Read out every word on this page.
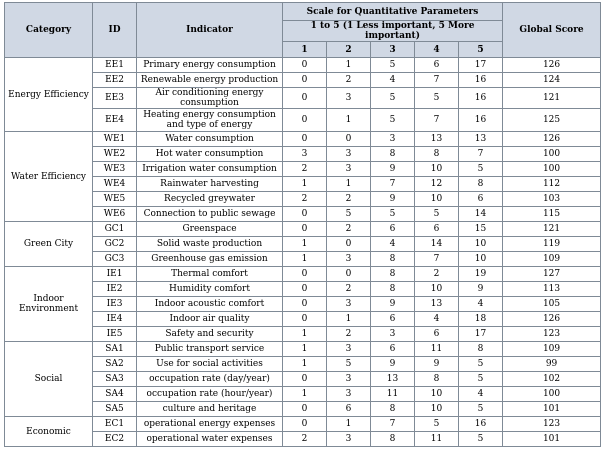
Category	ID	Indicator	Scale for Quantitative Parameters					Global Score
			1 to 5 (1 Less important, 5 More important)					
			1	2	3	4	5	
Energy Efficiency	EE1	Primary energy consumption	0	1	5	6	17	126
	EE2	Renewable energy production	0	2	4	7	16	124
	EE3	Air conditioning energy consumption	0	3	5	5	16	121
	EE4	Heating energy consumption and type of energy	0	1	5	7	16	125
Water Efficiency	WE1	Water consumption	0	0	3	13	13	126
	WE2	Hot water consumption	3	3	8	8	7	100
	WE3	Irrigation water consumption	2	3	9	10	5	100
	WE4	Rainwater harvesting	1	1	7	12	8	112
	WE5	Recycled greywater	2	2	9	10	6	103
	WE6	Connection to public sewage	0	5	5	5	14	115
Green City	GC1	Greenspace	0	2	6	6	15	121
	GC2	Solid waste production	1	0	4	14	10	119
	GC3	Greenhouse gas emission	1	3	8	7	10	109
Indoor Environment	IE1	Thermal comfort	0	0	8	2	19	127
	IE2	Humidity comfort	0	2	8	10	9	113
	IE3	Indoor acoustic comfort	0	3	9	13	4	105
	IE4	Indoor air quality	0	1	6	4	18	126
	IE5	Safety and security	1	2	3	6	17	123
Social	SA1	Public transport service	1	3	6	11	8	109
	SA2	Use for social activities	1	5	9	9	5	99
	SA3	occupation rate (day/year)	0	3	13	8	5	102
	SA4	occupation rate (hour/year)	1	3	11	10	4	100
	SA5	culture and heritage	0	6	8	10	5	101
Economic	EC1	operational energy expenses	0	1	7	5	16	123
	EC2	operational water expenses	2	3	8	11	5	101
